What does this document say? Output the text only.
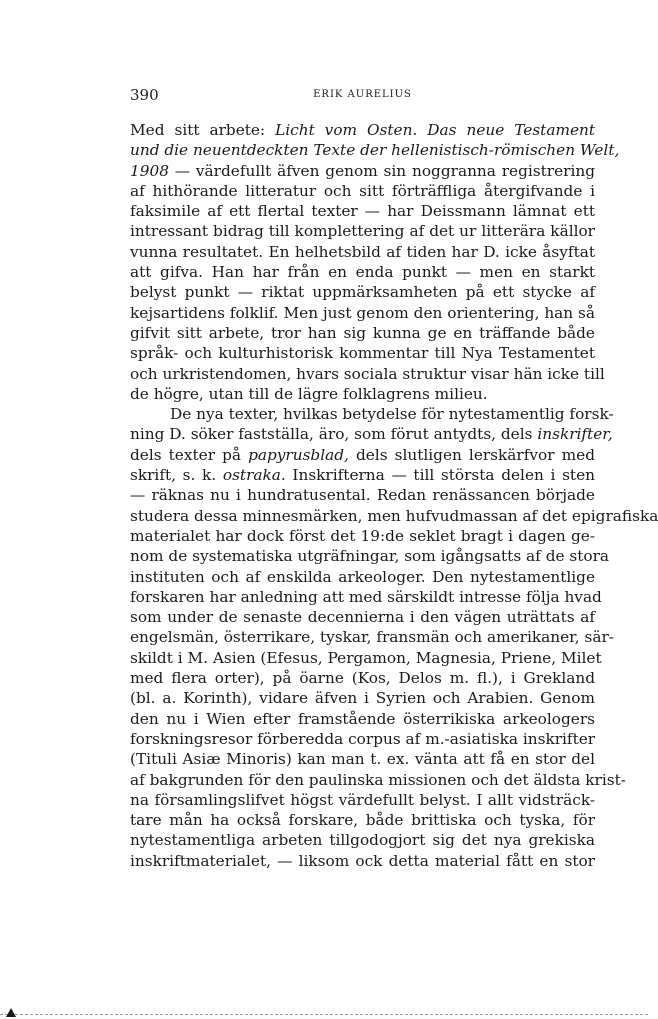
390	ERIK AURELIUS
Med sitt arbete: Licht vom Osten. Das neue Testament
und die neuentdeckten Texte der hellenistisch-römischen Welt,
1908 — värdefullt äfven genom sin noggranna registrering
af hithörande litteratur och sitt förträffliga återgifvande i
faksimile af ett flertal texter — har Deissmann lämnat ett
intressant bidrag till komplettering af det ur litterära källor
vunna resultatet. En helhetsbild af tiden har D. icke åsyftat
att gifva. Han har från en enda punkt — men en starkt
belyst punkt — riktat uppmärksamheten på ett stycke af
kejsartidens folklif. Men just genom den orientering, han så
gifvit sitt arbete, tror han sig kunna ge en träffande både
språk- och kulturhistorisk kommentar till Nya Testamentet
och urkristendomen, hvars sociala struktur visar hän icke till
de högre, utan till de lägre folklagrens milieu.
De nya texter, hvilkas betydelse för nytestamentlig forsk-
ning D. söker fastställa, äro, som förut antydts, dels inskrifter,
dels texter på papyrusblad, dels slutligen lerskärfvor med
skrift, s. k. ostraka. Inskrifterna — till största delen i sten
— räknas nu i hundratusental. Redan renässancen började
studera dessa minnesmärken, men hufvudmassan af det epigrafiska
materialet har dock först det 19:de seklet bragt i dagen ge-
nom de systematiska utgräfningar, som igångsatts af de stora
instituten och af enskilda arkeologer. Den nytestamentlige
forskaren har anledning att med särskildt intresse följa hvad
som under de senaste decennierna i den vägen uträttats af
engelsmän, österrikare, tyskar, fransmän och amerikaner, sär-
skildt i M. Asien (Efesus, Pergamon, Magnesia, Priene, Milet
med flera orter), på öarne (Kos, Delos m. fl.), i Grekland
(bl. a. Korinth), vidare äfven i Syrien och Arabien. Genom
den nu i Wien efter framstående österrikiska arkeologers
forskningsresor förberedda corpus af m.-asiatiska inskrifter
(Tituli Asiæ Minoris) kan man t. ex. vänta att få en stor del
af bakgrunden för den paulinska missionen och det äldsta krist-
na församlingslifvet högst värdefullt belyst. I allt vidsträck-
tare mån ha också forskare, både brittiska och tyska, för
nytestamentliga arbeten tillgodogjort sig det nya grekiska
inskriftmaterialet, — liksom ock detta material fått en stor
